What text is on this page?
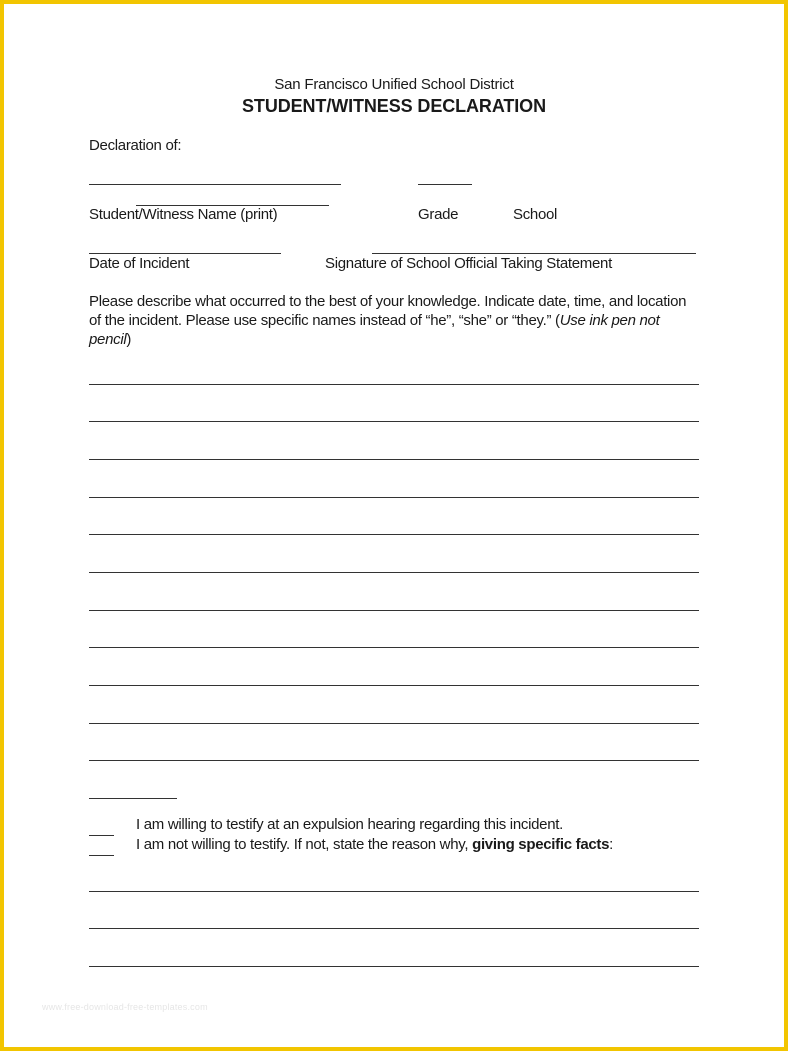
San Francisco Unified School District
STUDENT/WITNESS DECLARATION
Declaration of:
Student/Witness Name (print)	Grade	School
Date of Incident	Signature of School Official Taking Statement
Please describe what occurred to the best of your knowledge. Indicate date, time, and location of the incident. Please use specific names instead of “he”, “she” or “they.” (Use ink pen not pencil)
I am willing to testify at an expulsion hearing regarding this incident.
I am not willing to testify. If not, state the reason why, giving specific facts:
www.free-download-free-templates.com
